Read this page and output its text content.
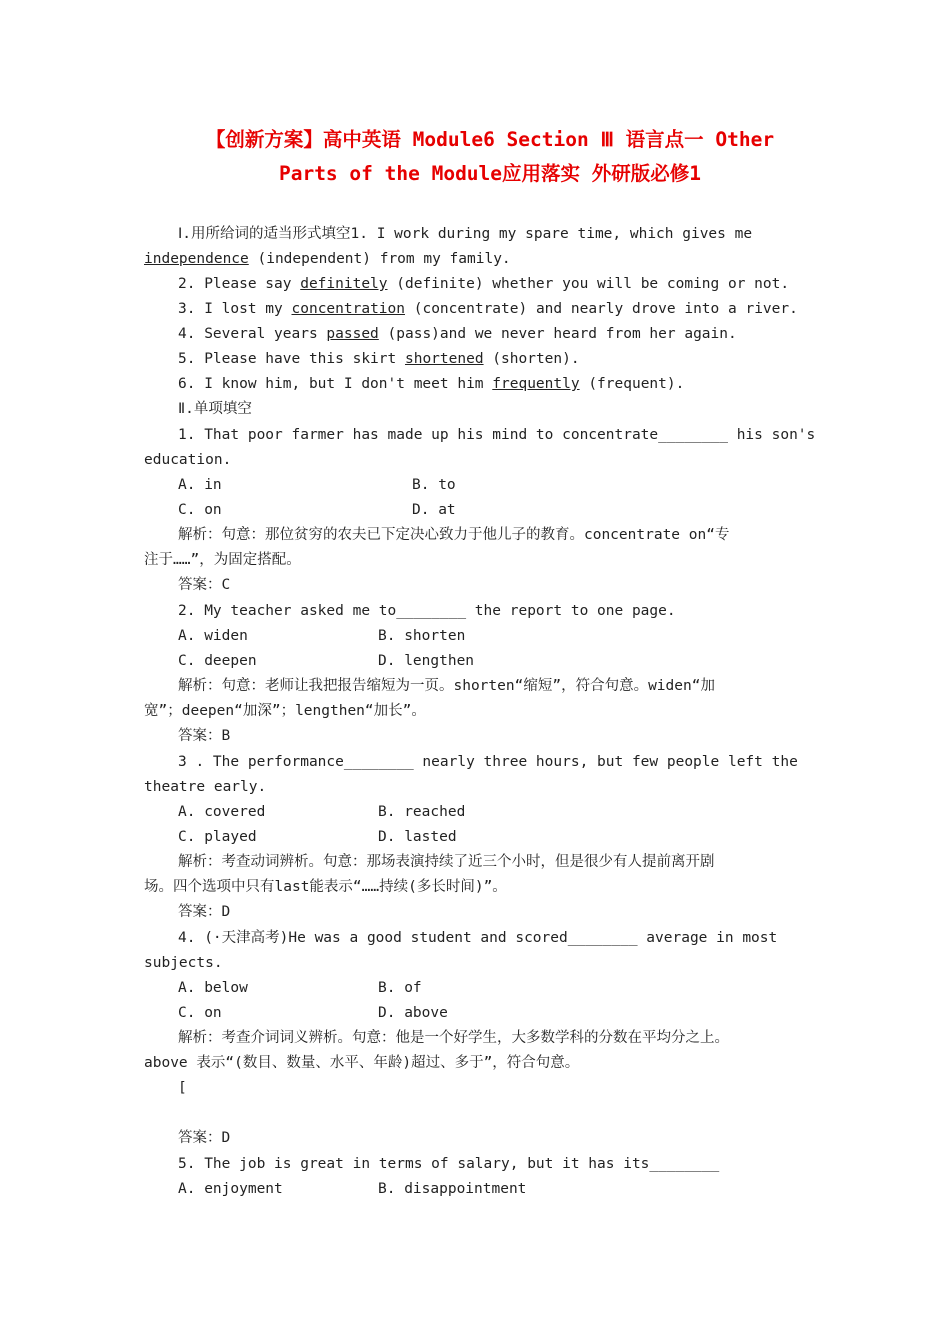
【创新方案】高中英语 Module6 Section Ⅲ 语言点一 Other
Parts of the Module应用落实 外研版必修1
Ⅰ.用所给词的适当形式填空1. I work during my spare time, which gives me
independence (independent) from my family.
2. Please say definitely (definite) whether you will be coming or not.
3. I lost my concentration (concentrate) and nearly drove into a river.
4. Several years passed (pass)and we never heard from her again.
5. Please have this skirt shortened (shorten).
6. I know him, but I don't meet him frequently (frequent).
Ⅱ.单项填空
1. That poor farmer has made up his mind to concentrate________ his son's
education.
A. in	B. to
C. on	D. at
解析：句意：那位贫穷的农夫已下定决心致力于他儿子的教育。concentrate on“专
注于……”，为固定搭配。
答案：C
2. My teacher asked me to________ the report to one page.
A. widen	B. shorten
C. deepen	D. lengthen
解析：句意：老师让我把报告缩短为一页。shorten“缩短”，符合句意。widen“加
宽”；deepen“加深”；lengthen“加长”。
答案：B
3 . The performance________ nearly three hours, but few people left the
theatre early.
A. covered	B. reached
C. played	D. lasted
解析：考查动词辨析。句意：那场表演持续了近三个小时，但是很少有人提前离开剧
场。四个选项中只有last能表示“……持续(多长时间)”。
答案：D
4. (·天津高考)He was a good student and scored________ average in most
subjects.
A. below	B. of
C. on	D. above
解析：考查介词词义辨析。句意：他是一个好学生，大多数学科的分数在平均分之上。
above 表示“(数目、数量、水平、年龄)超过、多于”，符合句意。
[
答案：D
5. The job is great in terms of salary, but it has its________
A. enjoyment	B. disappointment
